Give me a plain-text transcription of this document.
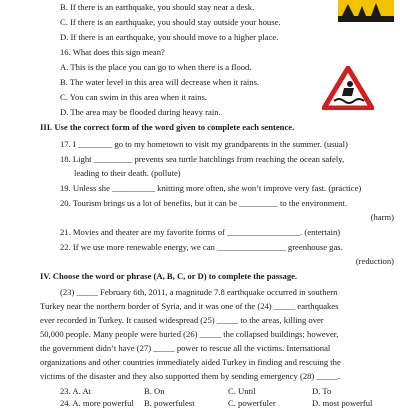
B. If there is an earthquake, you should stay near a desk.
C. If there is an earthquake, you should stay outside your house.
D. If there is an earthquake, you should move to a higher place.
16. What does this sign mean?
A. This is the place you can go to when there is a flood.
B. The water level in this area will decrease when it rains.
C. You can swim in this area when it rains.
D. The area may be flooded during heavy rain.
III. Use the correct form of the word given to complete each sentence.
17. I ________ go to my hometown to visit my grandparents in the summer. (usual)
18. Light _________ prevents sea turtle hatchlings from reaching the ocean safely,
leading to their death. (pollute)
19. Unless she __________ knitting more often, she won’t improve very fast. (practice)
20. Tourism brings us a lot of benefits, but it can be _________ to the environment.
(harm)
21. Movies and theater are my favorite forms of _________________. (entertain)
22. If we use more renewable energy, we can ________________ greenhouse gas.
(reduction)
IV. Choose the word or phrase (A, B, C, or D) to complete the passage.
(23) _____ February 6th, 2011, a magnitude 7.8 earthquake occurred in southern
Turkey near the northern border of Syria, and it was one of the (24) _____ earthquakes
ever recorded in Turkey. It caused widespread (25) _____ to the areas, killing over
50,000 people. Many people were buried (26) _____ the collapsed buildings; however,
the government didn’t have (27) _____ power to rescue all the victims. International
organizations and other countries immediately aided Turkey in finding and rescuing the
victims of the disaster and they also supported them by sending emergency (28) _____.
23. A. At	B. On	C. Until	D. To
24. A. more powerful B. powerfulest	C. powerfuler	D. most powerful
